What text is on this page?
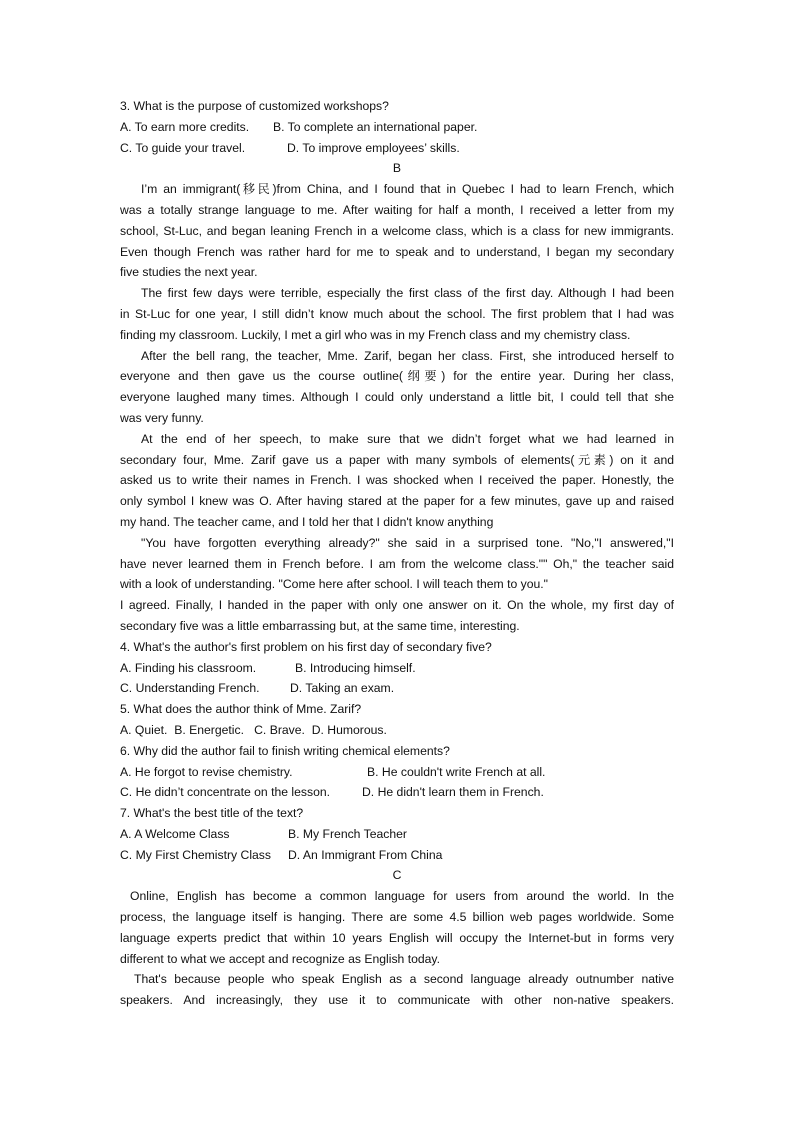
3. What is the purpose of customized workshops?
A. To earn more credits. B. To complete an international paper.
C. To guide your travel.	D. To improve employees’ skills.
B
I’m an immigrant(移民)from China, and I found that in Quebec I had to learn French, which
was a totally strange language to me. After waiting for half a month, I received a letter from my
school, St-Luc, and began leaning French in a welcome class, which is a class for new immigrants.
Even though French was rather hard for me to speak and to understand, I began my secondary
five studies the next year.
The first few days were terrible, especially the first class of the first day. Although I had been
in St-Luc for one year, I still didn’t know much about the school. The first problem that I had was
finding my classroom. Luckily, I met a girl who was in my French class and my chemistry class.
After the bell rang, the teacher, Mme. Zarif, began her class. First, she introduced herself to
everyone and then gave us the course outline(纲要) for the entire year. During her class,
everyone laughed many times. Although I could only understand a little bit, I could tell that she
was very funny.
At the end of her speech, to make sure that we didn’t forget what we had learned in
secondary four, Mme. Zarif gave us a paper with many symbols of elements(元素) on it and
asked us to write their names in French. I was shocked when I received the paper. Honestly, the
only symbol I knew was O. After having stared at the paper for a few minutes, gave up and raised
my hand. The teacher came, and I told her that I didn't know anything
"You have forgotten everything already?" she said in a surprised tone. "No,"I answered,"I
have never learned them in French before. I am from the welcome class."" Oh," the teacher said
with a look of understanding. "Come here after school. I will teach them to you."
I agreed. Finally, I handed in the paper with only one answer on it. On the whole, my first day of
secondary five was a little embarrassing but, at the same time, interesting.
4. What's the author's first problem on his first day of secondary five?
A. Finding his classroom.	B. Introducing himself.
C. Understanding French. D. Taking an exam.
5. What does the author think of Mme. Zarif?
A. Quiet.  B. Energetic.   C. Brave.  D. Humorous.
6. Why did the author fail to finish writing chemical elements?
A. He forgot to revise chemistry.	B. He couldn't write French at all.
C. He didn’t concentrate on the lesson.	D. He didn't learn them in French.
7. What's the best title of the text?
A. A Welcome Class	B. My French Teacher
C. My First Chemistry Class D. An Immigrant From China
C
Online, English has become a common language for users from around the world. In the
process, the language itself is hanging. There are some 4.5 billion web pages worldwide. Some
language experts predict that within 10 years English will occupy the Internet-but in forms very
different to what we accept and recognize as English today.
That's because people who speak English as a second language already outnumber native
speakers. And increasingly, they use it to communicate with other non-native speakers.
